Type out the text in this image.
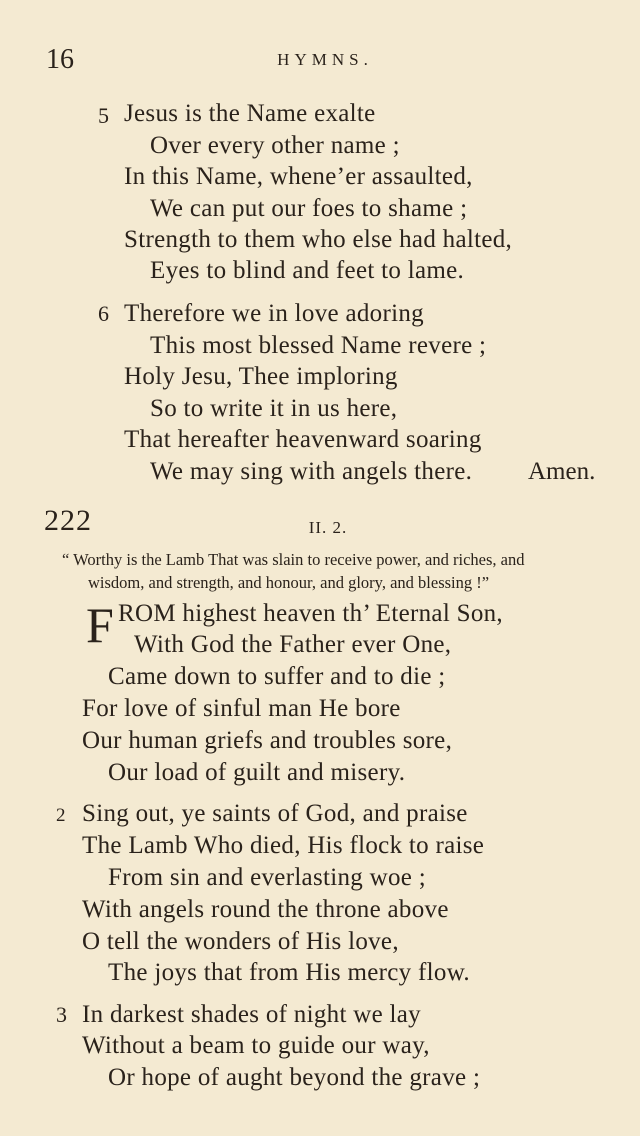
16	HYMNS.
5 Jesus is the Name exalte
Over every other name ;
In this Name, whene’er assaulted,
We can put our foes to shame ;
Strength to them who else had halted,
Eyes to blind and feet to lame.
6 Therefore we in love adoring
This most blessed Name revere ;
Holy Jesu, Thee imploring
So to write it in us here,
That hereafter heavenward soaring
We may sing with angels there. Amen.
222	II. 2.
“ Worthy is the Lamb That was slain to receive power, and riches, and
wisdom, and strength, and honour, and glory, and blessing !”
F ROM highest heaven th’ Eternal Son,
With God the Father ever One,
Came down to suffer and to die ;
For love of sinful man He bore
Our human griefs and troubles sore,
Our load of guilt and misery.
2 Sing out, ye saints of God, and praise
The Lamb Who died, His flock to raise
From sin and everlasting woe ;
With angels round the throne above
O tell the wonders of His love,
The joys that from His mercy flow.
3 In darkest shades of night we lay
Without a beam to guide our way,
Or hope of aught beyond the grave ;
